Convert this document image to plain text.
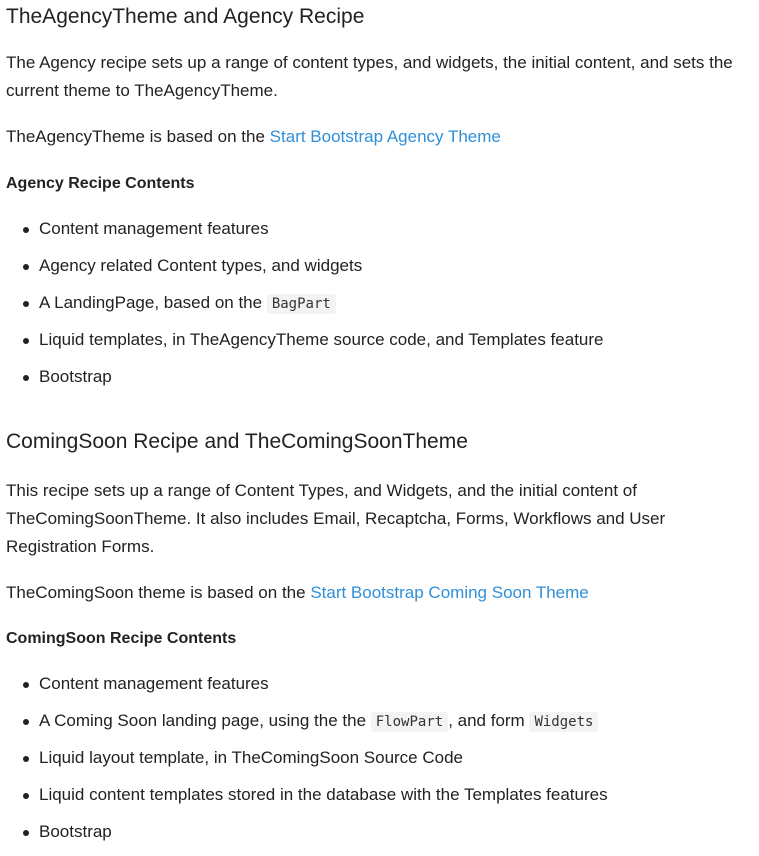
TheAgencyTheme and Agency Recipe

The Agency recipe sets up a range of content types, and widgets, the initial content, and sets the current theme to TheAgencyTheme.

TheAgencyTheme is based on the Start Bootstrap Agency Theme

Agency Recipe Contents

Content management features
Agency related Content types, and widgets
A LandingPage, based on the BagPart
Liquid templates, in TheAgencyTheme source code, and Templates feature
Bootstrap
ComingSoon Recipe and TheComingSoonTheme

This recipe sets up a range of Content Types, and Widgets, and the initial content of TheComingSoonTheme. It also includes Email, Recaptcha, Forms, Workflows and User Registration Forms.

TheComingSoon theme is based on the Start Bootstrap Coming Soon Theme

ComingSoon Recipe Contents

Content management features
A Coming Soon landing page, using the the FlowPart , and form Widgets
Liquid layout template, in TheComingSoon Source Code
Liquid content templates stored in the database with the Templates features
Bootstrap
